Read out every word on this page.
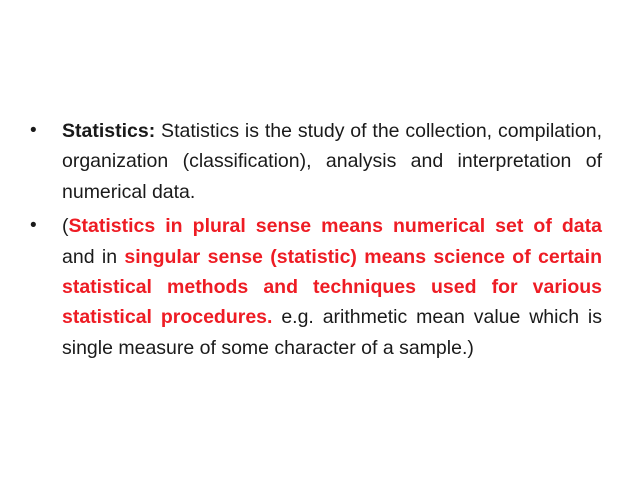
•	Statistics: Statistics is the study of the collection, compilation, organization (classification), analysis and interpretation of numerical data.
•	(Statistics in plural sense means numerical set of data and in singular sense (statistic) means science of certain statistical methods and techniques used for various statistical procedures. e.g. arithmetic mean value which is single measure of some character of a sample.)
